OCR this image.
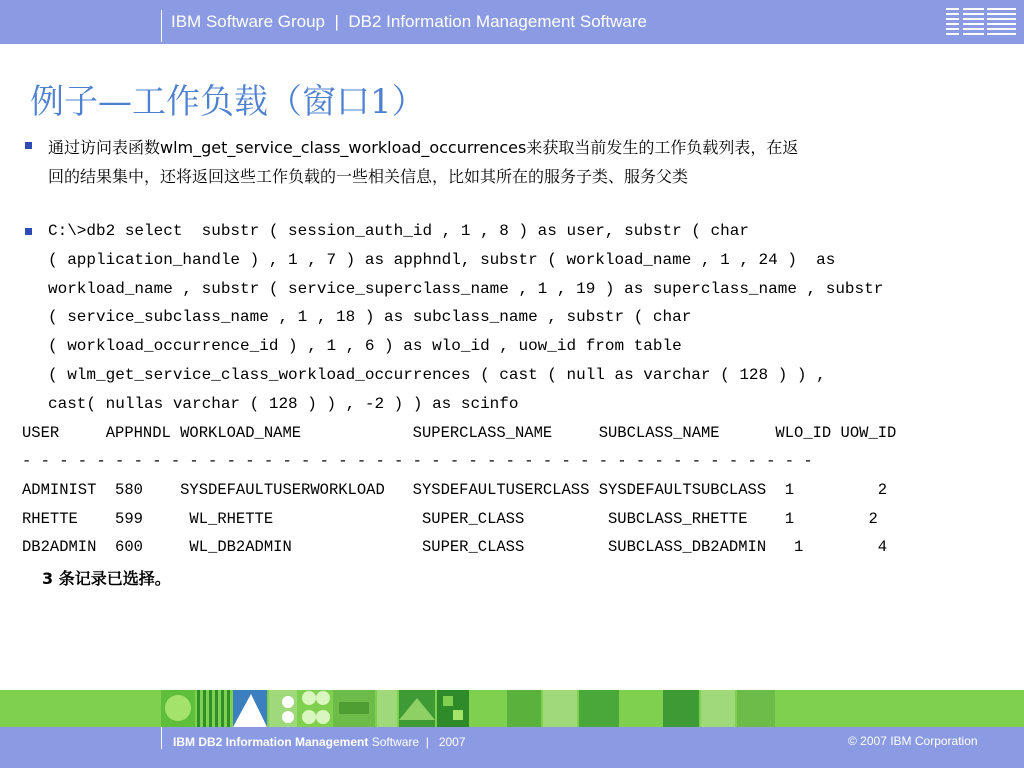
IBM Software Group | DB2 Information Management Software
例子—工作负载（窗口1）
通过访问表函数wlm_get_service_class_workload_occurrences来获取当前发生的工作负载列表，在返
回的结果集中，还将返回这些工作负载的一些相关信息，比如其所在的服务子类、服务父类
C:\>db2 select  substr ( session_auth_id , 1 , 8 ) as user, substr ( char
( application_handle ) , 1 , 7 ) as apphndl, substr ( workload_name , 1 , 24 )  as
workload_name , substr ( service_superclass_name , 1 , 19 ) as superclass_name , substr
( service_subclass_name , 1 , 18 ) as subclass_name , substr ( char
( workload_occurrence_id ) , 1 , 6 ) as wlo_id , uow_id from table
( wlm_get_service_class_workload_occurrences ( cast ( null as varchar ( 128 ) ) ,
cast( nullas varchar ( 128 ) ) , -2 ) ) as scinfo
USER     APPHNDL WORKLOAD_NAME            SUPERCLASS_NAME     SUBCLASS_NAME      WLO_ID UOW_ID
- - - - - - - - - - - - - - - - - - - - - - - - - - - - - - - - - - - - - - - - - - -
ADMINIST  580    SYSDEFAULTUSERWORKLOAD   SYSDEFAULTUSERCLASS SYSDEFAULTSUBCLASS  1         2
RHETTE    599     WL_RHETTE                SUPER_CLASS         SUBCLASS_RHETTE    1        2
DB2ADMIN  600     WL_DB2ADMIN              SUPER_CLASS         SUBCLASS_DB2ADMIN   1        4
3 条记录已选择。
IBM DB2 Information Management Software  |   2007	© 2007 IBM Corporation
